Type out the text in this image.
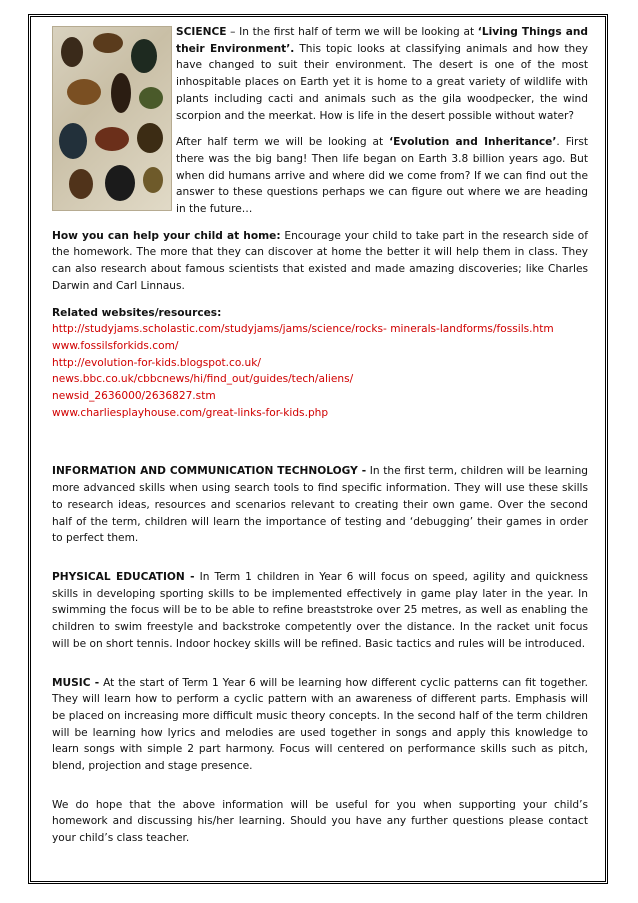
SCIENCE – In the first half of term we will be looking at ‘Living Things and their Environment’. This topic looks at classifying animals and how they have changed to suit their environment. The desert is one of the most inhospitable places on Earth yet it is home to a great variety of wildlife with plants including cacti and animals such as the gila woodpecker, the wind scorpion and the meerkat. How is life in the desert possible without water?

After half term we will be looking at ‘Evolution and Inheritance’. First there was the big bang! Then life began on Earth 3.8 billion years ago. But when did humans arrive and where did we come from? If we can find out the answer to these questions perhaps we can figure out where we are heading in the future…

How you can help your child at home: Encourage your child to take part in the research side of the homework. The more that they can discover at home the better it will help them in class. They can also research about famous scientists that existed and made amazing discoveries; like Charles Darwin and Carl Linnaus.

Related websites/resources:

http://studyjams.scholastic.com/studyjams/jams/science/rocks- minerals-landforms/fossils.htm

www.fossilsforkids.com/

http://evolution-for-kids.blogspot.co.uk/

news.bbc.co.uk/cbbcnews/hi/find_out/guides/tech/aliens/

newsid_2636000/2636827.stm

www.charliesplayhouse.com/great-links-for-kids.php

INFORMATION AND COMMUNICATION TECHNOLOGY - In the first term, children will be learning more advanced skills when using search tools to find specific information. They will use these skills to research ideas, resources and scenarios relevant to creating their own game. Over the second half of the term, children will learn the importance of testing and ‘debugging’ their games in order to perfect them.

PHYSICAL EDUCATION - In Term 1 children in Year 6 will focus on speed, agility and quickness skills in developing sporting skills to be implemented effectively in game play later in the year. In swimming the focus will be to be able to refine breaststroke over 25 metres, as well as enabling the children to swim freestyle and backstroke competently over the distance. In the racket unit focus will be on short tennis. Indoor hockey skills will be refined. Basic tactics and rules will be introduced.

MUSIC - At the start of Term 1 Year 6 will be learning how different cyclic patterns can fit together. They will learn how to perform a cyclic pattern with an awareness of different parts. Emphasis will be placed on increasing more difficult music theory concepts. In the second half of the term children will be learning how lyrics and melodies are used together in songs and apply this knowledge to learn songs with simple 2 part harmony. Focus will centered on performance skills such as pitch, blend, projection and stage presence.

We do hope that the above information will be useful for you when supporting your child’s homework and discussing his/her learning. Should you have any further questions please contact your child’s class teacher.
